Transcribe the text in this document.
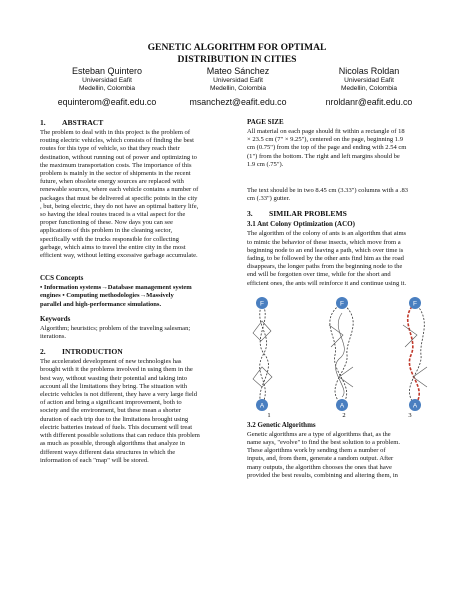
GENETIC ALGORITHM FOR OPTIMAL
DISTRIBUTION IN CITIES
Esteban Quintero
Universidad Eafit
Medellin, Colombia
equinterom@eafit.edu.co
Mateo Sánchez
Universidad Eafit
Medellin, Colombia
msanchezt@eafit.edu.co
Nicolas Roldan
Universidad Eafit
Medellin, Colombia
nroldanr@eafit.edu.co
1.	ABSTRACT
The problem to deal with in this project is the problem of
routing electric vehicles, which consists of finding the best
routes for this type of vehicle, so that they reach their
destination, without running out of power and optimizing to
the maximum transportation costs. The importance of this
problem is mainly in the sector of shipments in the recent
future, when obsolete energy sources are replaced with
renewable sources, where each vehicle contains a number of
packages that must be delivered at specific points in the city
, but, being electric, they do not have an optimal battery life,
so having the ideal routes traced is a vital aspect for the
proper functioning of these. Now days you can see
applications of this problem in the cleaning sector,
specifically with the trucks responsible for collecting
garbage, which aims to travel the entire city in the most
efficient way, without letting excessive garbage accumulate.
CCS Concepts
• Information systems→Database management system
engines • Computing methodologies→Massively
parallel and high-performance simulations.
Keywords
Algorithm; heuristics; problem of the traveling salesman;
iterations.
2.	INTRODUCTION
The accelerated development of new technologies has
brought with it the problems involved in using them in the
best way, without wasting their potential and taking into
account all the limitations they bring. The situation with
electric vehicles is not different, they have a very large field
of action and bring a significant improvement, both to
society and the environment, but these mean a shorter
duration of each trip due to the limitations brought using
electric batteries instead of fuels. This document will treat
with different possible solutions that can reduce this problem
as much as possible, through algorithms that analyze in
different ways different data structures in which the
information of each "map" will be stored.
PAGE SIZE
All material on each page should fit within a rectangle of 18
× 23.5 cm (7" × 9.25"), centered on the page, beginning 1.9
cm (0.75") from the top of the page and ending with 2.54 cm
(1") from the bottom. The right and left margins should be
1.9 cm (.75").
The text should be in two 8.45 cm (3.33") columns with a .83
cm (.33") gutter.
3.	SIMILAR PROBLEMS
3.1 Ant Colony Optimization (ACO)
The algorithm of the colony of ants is an algorithm that aims
to mimic the behavior of these insects, which move from a
beginning node to an end leaving a path, which over time is
fading, to be followed by the other ants find him as the road
disappears, the longer paths from the beginning node to the
end will be forgotten over time, while for the short and
efficient ones, the ants will reinforce it and continue using it.
F
A
1
F
A
2
F
A
3
3.2 Genetic Algorithms
Genetic algorithms are a type of algorithms that, as the
name says, "evolve" to find the best solution to a problem.
These algorithms work by sending them a number of
inputs, and, from them, generate a random output. After
many outputs, the algorithm chooses the ones that have
provided the best results, combining and altering them, in
